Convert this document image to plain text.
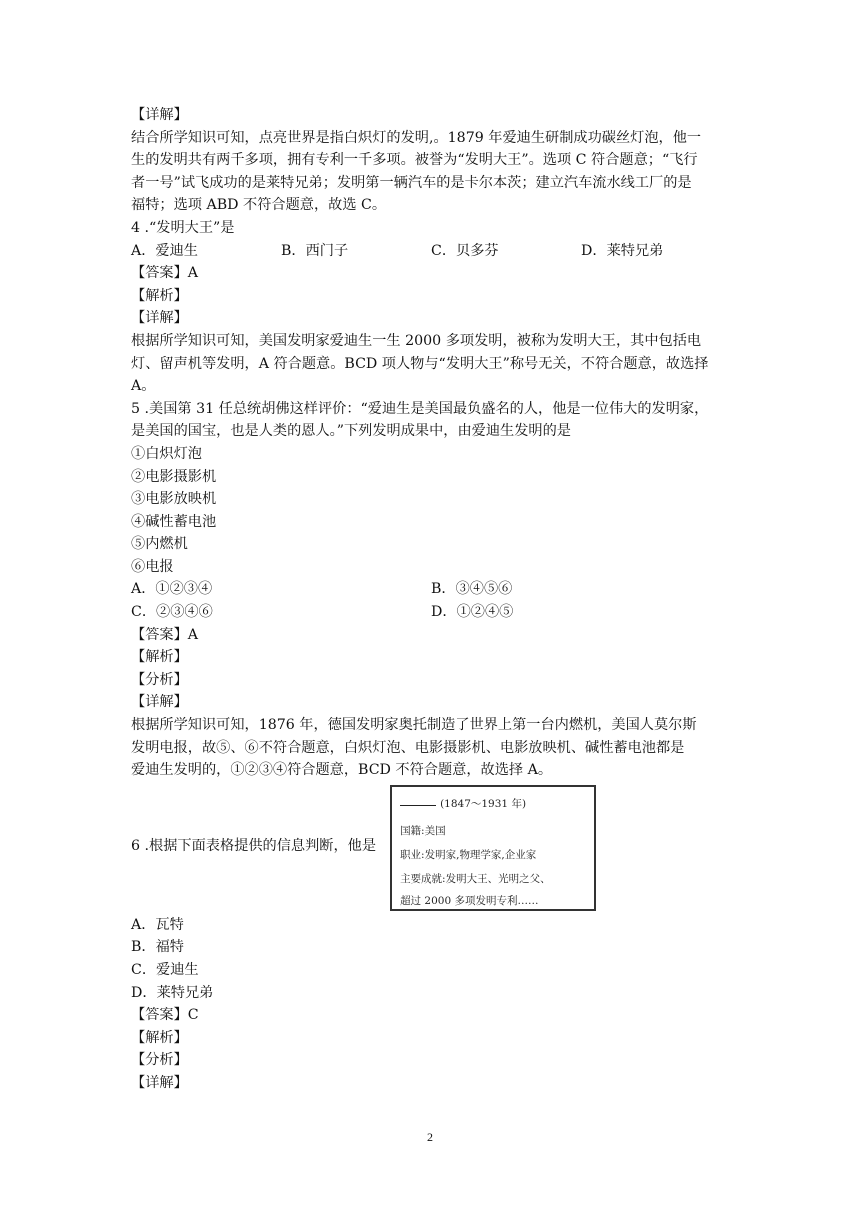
【详解】
结合所学知识可知，点亮世界是指白炽灯的发明,。1879 年爱迪生研制成功碳丝灯泡，他一
生的发明共有两千多项，拥有专利一千多项。被誉为“发明大王”。选项 C 符合题意；“飞行
者一号”试飞成功的是莱特兄弟；发明第一辆汽车的是卡尔本茨；建立汽车流水线工厂的是
福特；选项 ABD 不符合题意，故选 C。
4 .“发明大王”是
A．爱迪生	B．西门子	C．贝多芬	D．莱特兄弟
【答案】A
【解析】
【详解】
根据所学知识可知，美国发明家爱迪生一生 2000 多项发明，被称为发明大王，其中包括电
灯、留声机等发明，A 符合题意。BCD 项人物与“发明大王”称号无关，不符合题意，故选择
A。
5 .美国第 31 任总统胡佛这样评价：“爱迪生是美国最负盛名的人，他是一位伟大的发明家，
是美国的国宝，也是人类的恩人。”下列发明成果中，由爱迪生发明的是
①白炽灯泡
②电影摄影机
③电影放映机
④碱性蓄电池
⑤内燃机
⑥电报
A．①②③④	B．③④⑤⑥
C．②③④⑥	D．①②④⑤
【答案】A
【解析】
【分析】
【详解】
根据所学知识可知，1876 年，德国发明家奥托制造了世界上第一台内燃机，美国人莫尔斯
发明电报，故⑤、⑥不符合题意，白炽灯泡、电影摄影机、电影放映机、碱性蓄电池都是
爱迪生发明的，①②③④符合题意，BCD 不符合题意，故选择 A。
6 .根据下面表格提供的信息判断，他是
(1847～1931 年)
国籍:美国
职业:发明家,物理学家,企业家
主要成就:发明大王、光明之父、
超过 2000 多项发明专利……
A．瓦特
B．福特
C．爱迪生
D．莱特兄弟
【答案】C
【解析】
【分析】
【详解】
2
